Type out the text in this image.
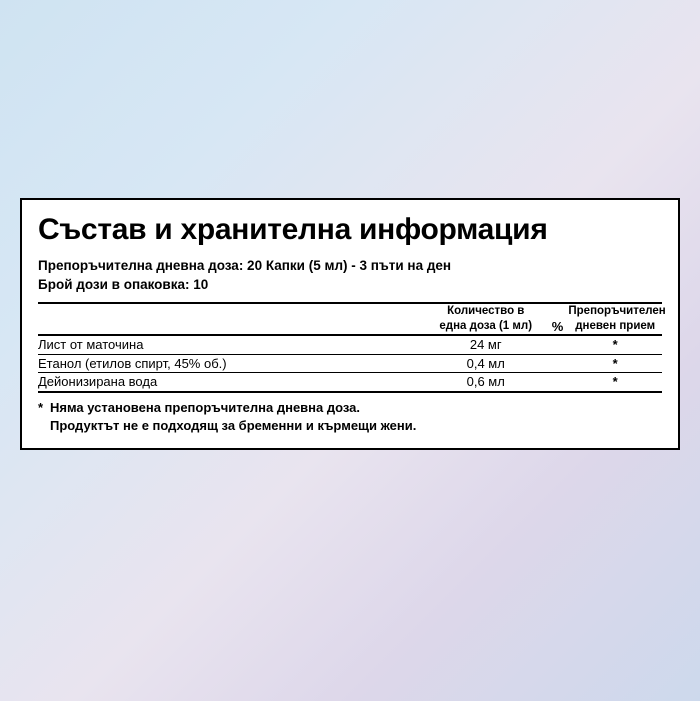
Състав и хранителна информация
Препоръчителна дневна доза: 20 Капки (5 мл) - 3 пъти на ден
Брой дози в опаковка: 10
	Количество в
една доза (1 мл)	%	Препоръчителен
дневен прием
Лист от маточина	24 мг		*
Етанол (етилов спирт, 45% об.)	0,4 мл		*
Дейонизирана вода	0,6 мл		*
* Няма установена препоръчителна дневна доза.
Продуктът не е подходящ за бременни и кърмещи жени.
